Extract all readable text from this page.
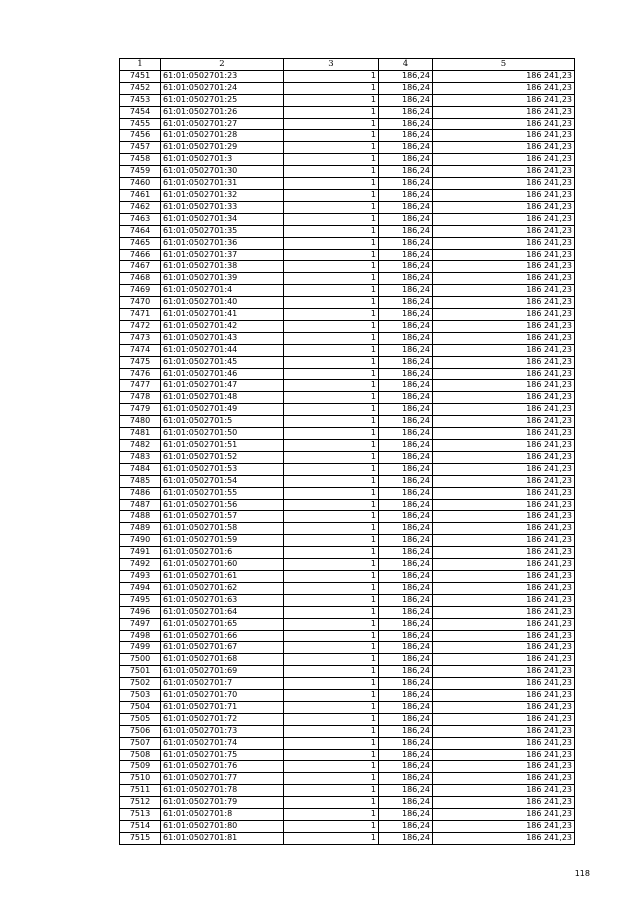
1	2	3	4	5
7451	61:01:0502701:23	1	186,24	186 241,23
7452	61:01:0502701:24	1	186,24	186 241,23
7453	61:01:0502701:25	1	186,24	186 241,23
7454	61:01:0502701:26	1	186,24	186 241,23
7455	61:01:0502701:27	1	186,24	186 241,23
7456	61:01:0502701:28	1	186,24	186 241,23
7457	61:01:0502701:29	1	186,24	186 241,23
7458	61:01:0502701:3	1	186,24	186 241,23
7459	61:01:0502701:30	1	186,24	186 241,23
7460	61:01:0502701:31	1	186,24	186 241,23
7461	61:01:0502701:32	1	186,24	186 241,23
7462	61:01:0502701:33	1	186,24	186 241,23
7463	61:01:0502701:34	1	186,24	186 241,23
7464	61:01:0502701:35	1	186,24	186 241,23
7465	61:01:0502701:36	1	186,24	186 241,23
7466	61:01:0502701:37	1	186,24	186 241,23
7467	61:01:0502701:38	1	186,24	186 241,23
7468	61:01:0502701:39	1	186,24	186 241,23
7469	61:01:0502701:4	1	186,24	186 241,23
7470	61:01:0502701:40	1	186,24	186 241,23
7471	61:01:0502701:41	1	186,24	186 241,23
7472	61:01:0502701:42	1	186,24	186 241,23
7473	61:01:0502701:43	1	186,24	186 241,23
7474	61:01:0502701:44	1	186,24	186 241,23
7475	61:01:0502701:45	1	186,24	186 241,23
7476	61:01:0502701:46	1	186,24	186 241,23
7477	61:01:0502701:47	1	186,24	186 241,23
7478	61:01:0502701:48	1	186,24	186 241,23
7479	61:01:0502701:49	1	186,24	186 241,23
7480	61:01:0502701:5	1	186,24	186 241,23
7481	61:01:0502701:50	1	186,24	186 241,23
7482	61:01:0502701:51	1	186,24	186 241,23
7483	61:01:0502701:52	1	186,24	186 241,23
7484	61:01:0502701:53	1	186,24	186 241,23
7485	61:01:0502701:54	1	186,24	186 241,23
7486	61:01:0502701:55	1	186,24	186 241,23
7487	61:01:0502701:56	1	186,24	186 241,23
7488	61:01:0502701:57	1	186,24	186 241,23
7489	61:01:0502701:58	1	186,24	186 241,23
7490	61:01:0502701:59	1	186,24	186 241,23
7491	61:01:0502701:6	1	186,24	186 241,23
7492	61:01:0502701:60	1	186,24	186 241,23
7493	61:01:0502701:61	1	186,24	186 241,23
7494	61:01:0502701:62	1	186,24	186 241,23
7495	61:01:0502701:63	1	186,24	186 241,23
7496	61:01:0502701:64	1	186,24	186 241,23
7497	61:01:0502701:65	1	186,24	186 241,23
7498	61:01:0502701:66	1	186,24	186 241,23
7499	61:01:0502701:67	1	186,24	186 241,23
7500	61:01:0502701:68	1	186,24	186 241,23
7501	61:01:0502701:69	1	186,24	186 241,23
7502	61:01:0502701:7	1	186,24	186 241,23
7503	61:01:0502701:70	1	186,24	186 241,23
7504	61:01:0502701:71	1	186,24	186 241,23
7505	61:01:0502701:72	1	186,24	186 241,23
7506	61:01:0502701:73	1	186,24	186 241,23
7507	61:01:0502701:74	1	186,24	186 241,23
7508	61:01:0502701:75	1	186,24	186 241,23
7509	61:01:0502701:76	1	186,24	186 241,23
7510	61:01:0502701:77	1	186,24	186 241,23
7511	61:01:0502701:78	1	186,24	186 241,23
7512	61:01:0502701:79	1	186,24	186 241,23
7513	61:01:0502701:8	1	186,24	186 241,23
7514	61:01:0502701:80	1	186,24	186 241,23
7515	61:01:0502701:81	1	186,24	186 241,23
118
